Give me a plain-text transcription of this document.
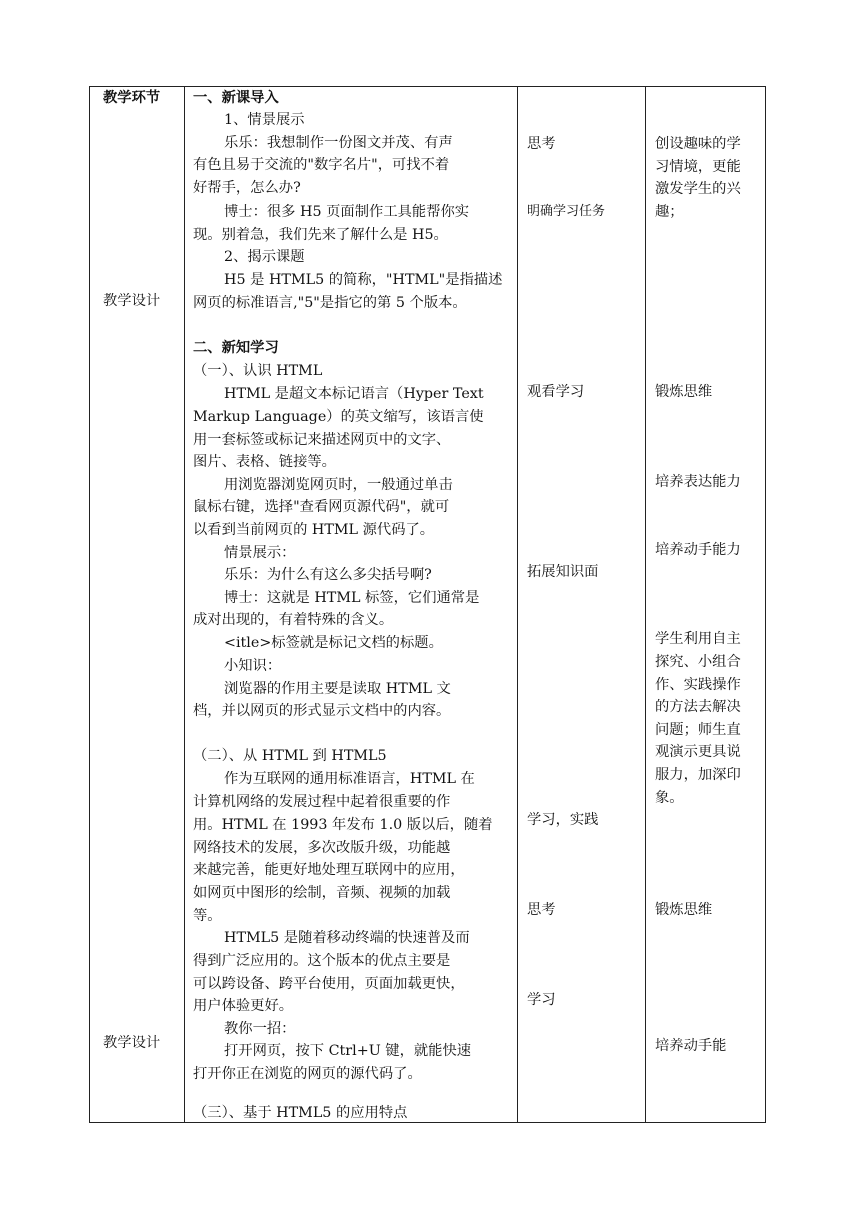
教学环节
教学设计
教学设计
一、新课导入
1、情景展示
乐乐：我想制作一份图文并茂、有声
有色且易于交流的"数字名片"，可找不着
好帮手，怎么办?
博士：很多 H5 页面制作工具能帮你实
现。别着急，我们先来了解什么是 H5。
2、揭示课题
H5 是 HTML5 的简称，"HTML"是指描述
网页的标准语言,"5"是指它的第 5 个版本。
二、新知学习
（一）、认识 HTML
HTML 是超文本标记语言（Hyper Text
Markup Language）的英文缩写，该语言使
用一套标签或标记来描述网页中的文字、
图片、表格、链接等。
用浏览器浏览网页时，一般通过单击
鼠标右键，选择"查看网页源代码"，就可
以看到当前网页的 HTML 源代码了。
情景展示：
乐乐：为什么有这么多尖括号啊?
博士：这就是 HTML 标签，它们通常是
成对出现的，有着特殊的含义。
<itle>标签就是标记文档的标题。
小知识：
浏览器的作用主要是读取 HTML 文
档，并以网页的形式显示文档中的内容。
（二）、从 HTML 到 HTML5
作为互联网的通用标准语言，HTML 在
计算机网络的发展过程中起着很重要的作
用。HTML 在 1993 年发布 1.0 版以后，随着
网络技术的发展，多次改版升级，功能越
来越完善，能更好地处理互联网中的应用，
如网页中图形的绘制，音频、视频的加载
等。
HTML5 是随着移动终端的快速普及而
得到广泛应用的。这个版本的优点主要是
可以跨设备、跨平台使用，页面加载更快，
用户体验更好。
教你一招：
打开网页，按下 Ctrl+U 键，就能快速
打开你正在浏览的网页的源代码了。
（三）、基于 HTML5 的应用特点
思考
明确学习任务
观看学习
拓展知识面
学习，实践
思考
学习
创设趣味的学
习情境，更能
激发学生的兴
趣；
锻炼思维
培养表达能力
培养动手能力
学生利用自主
探究、小组合
作、实践操作
的方法去解决
问题；师生直
观演示更具说
服力，加深印
象。
锻炼思维
培养动手能
